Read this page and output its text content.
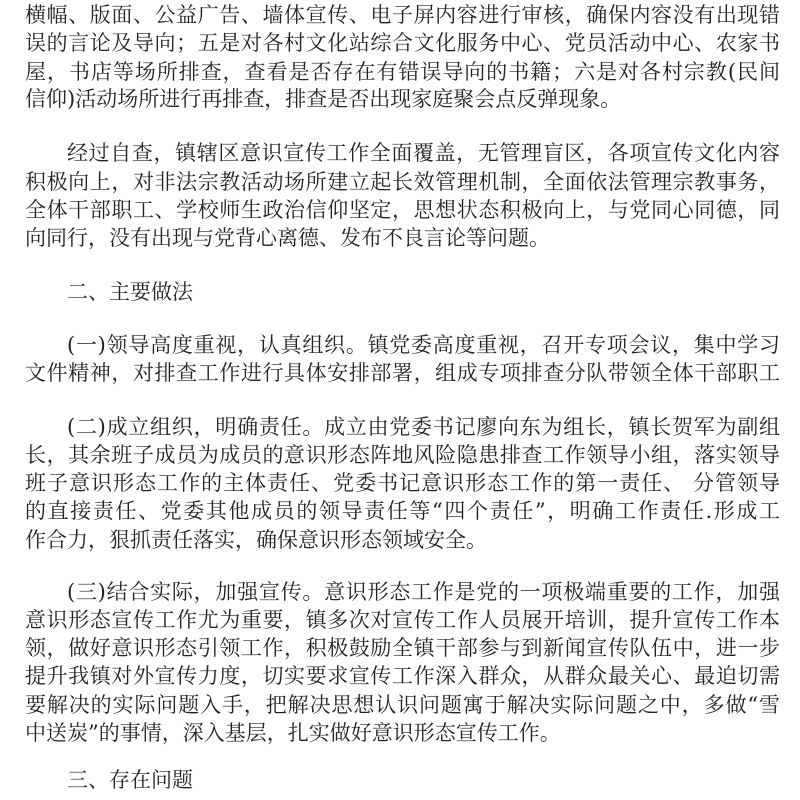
横幅、版面、公益广告、墙体宣传、电子屏内容进行审核，确保内容没有出现错
误的言论及导向；五是对各村文化站综合文化服务中心、党员活动中心、农家书
屋，书店等场所排查，查看是否存在有错误导向的书籍；六是对各村宗教(民间
信仰)活动场所进行再排查，排查是否出现家庭聚会点反弹现象。
经过自查，镇辖区意识宣传工作全面覆盖，无管理盲区，各项宣传文化内容
积极向上，对非法宗教活动场所建立起长效管理机制，全面依法管理宗教事务，
全体干部职工、学校师生政治信仰坚定，思想状态积极向上，与党同心同德，同
向同行，没有出现与党背心离德、发布不良言论等问题。
二、主要做法
(一)领导高度重视，认真组织。镇党委高度重视，召开专项会议，集中学习
文件精神，对排查工作进行具体安排部署，组成专项排查分队带领全体干部职工
(二)成立组织，明确责任。成立由党委书记廖向东为组长，镇长贺军为副组
长，其余班子成员为成员的意识形态阵地风险隐患排查工作领导小组，落实领导
班子意识形态工作的主体责任、党委书记意识形态工作的第一责任、 分管领导
的直接责任、党委其他成员的领导责任等“四个责任”，明确工作责任.形成工
作合力，狠抓责任落实，确保意识形态领域安全。
(三)结合实际，加强宣传。意识形态工作是党的一项极端重要的工作，加强
意识形态宣传工作尤为重要，镇多次对宣传工作人员展开培训，提升宣传工作本
领，做好意识形态引领工作，积极鼓励全镇干部参与到新闻宣传队伍中，进一步
提升我镇对外宣传力度，切实要求宣传工作深入群众，从群众最关心、最迫切需
要解决的实际问题入手，把解决思想认识问题寓于解决实际问题之中，多做“雪
中送炭”的事情，深入基层，扎实做好意识形态宣传工作。
三、存在问题
